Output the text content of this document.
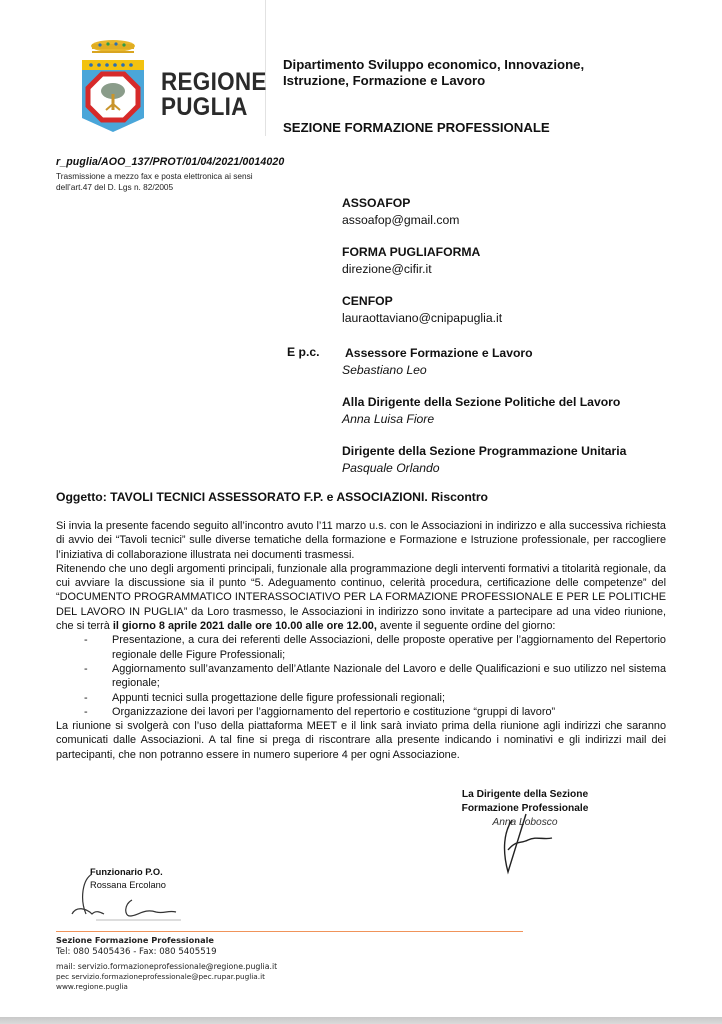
REGIONE
PUGLIA
Dipartimento Sviluppo economico, Innovazione,
Istruzione, Formazione e Lavoro
SEZIONE FORMAZIONE PROFESSIONALE
r_puglia/AOO_137/PROT/01/04/2021/0014020
Trasmissione a mezzo fax e posta elettronica ai sensi
dell’art.47 del D. Lgs n. 82/2005
ASSOAFOP
assoafop@gmail.com
FORMA PUGLIAFORMA
direzione@cifir.it
CENFOP
lauraottaviano@cnipapuglia.it
E p.c. Assessore Formazione e Lavoro
Sebastiano Leo
Alla Dirigente della Sezione Politiche del Lavoro
Anna Luisa Fiore
Dirigente della Sezione Programmazione Unitaria
Pasquale Orlando
Oggetto: TAVOLI TECNICI ASSESSORATO F.P. e ASSOCIAZIONI. Riscontro

Si invia la presente facendo seguito all’incontro avuto l’11 marzo u.s. con le Associazioni in indirizzo e alla successiva richiesta di avvio dei “Tavoli tecnici” sulle diverse tematiche della formazione e Formazione e Istruzione professionale, per raccogliere l’iniziativa di collaborazione illustrata nei documenti trasmessi.

Ritenendo che uno degli argomenti principali, funzionale alla programmazione degli interventi formativi a titolarità regionale, da cui avviare la discussione sia il punto “5. Adeguamento continuo, celerità procedura, certificazione delle competenze” del “DOCUMENTO PROGRAMMATICO INTERASSOCIATIVO PER LA FORMAZIONE PROFESSIONALE E PER LE POLITICHE DEL LAVORO IN PUGLIA” da Loro trasmesso, le Associazioni in indirizzo sono invitate a partecipare ad una video riunione, che si terrà il giorno 8 aprile 2021 dalle ore 10.00 alle ore 12.00, avente il seguente ordine del giorno:

- Presentazione, a cura dei referenti delle Associazioni, delle proposte operative per l’aggiornamento del Repertorio regionale delle Figure Professionali;
- Aggiornamento sull’avanzamento dell’Atlante Nazionale del Lavoro e delle Qualificazioni e suo utilizzo nel sistema regionale;
- Appunti tecnici sulla progettazione delle figure professionali regionali;
- Organizzazione dei lavori per l’aggiornamento del repertorio e costituzione “gruppi di lavoro”

La riunione si svolgerà con l’uso della piattaforma MEET e il link sarà inviato prima della riunione agli indirizzi che saranno comunicati dalle Associazioni. A tal fine si prega di riscontrare alla presente indicando i nominativi e gli indirizzi mail dei partecipanti, che non potranno essere in numero superiore 4 per ogni Associazione.

La Dirigente della Sezione
Formazione Professionale
Anna Lobosco
Funzionario P.O.
Rossana Ercolano
Sezione Formazione Professionale
Tel: 080 5405436 - Fax: 080 5405519
mail: servizio.formazioneprofessionale@regione.puglia.it
pec servizio.formazioneprofessionale@pec.rupar.puglia.it
www.regione.puglia
